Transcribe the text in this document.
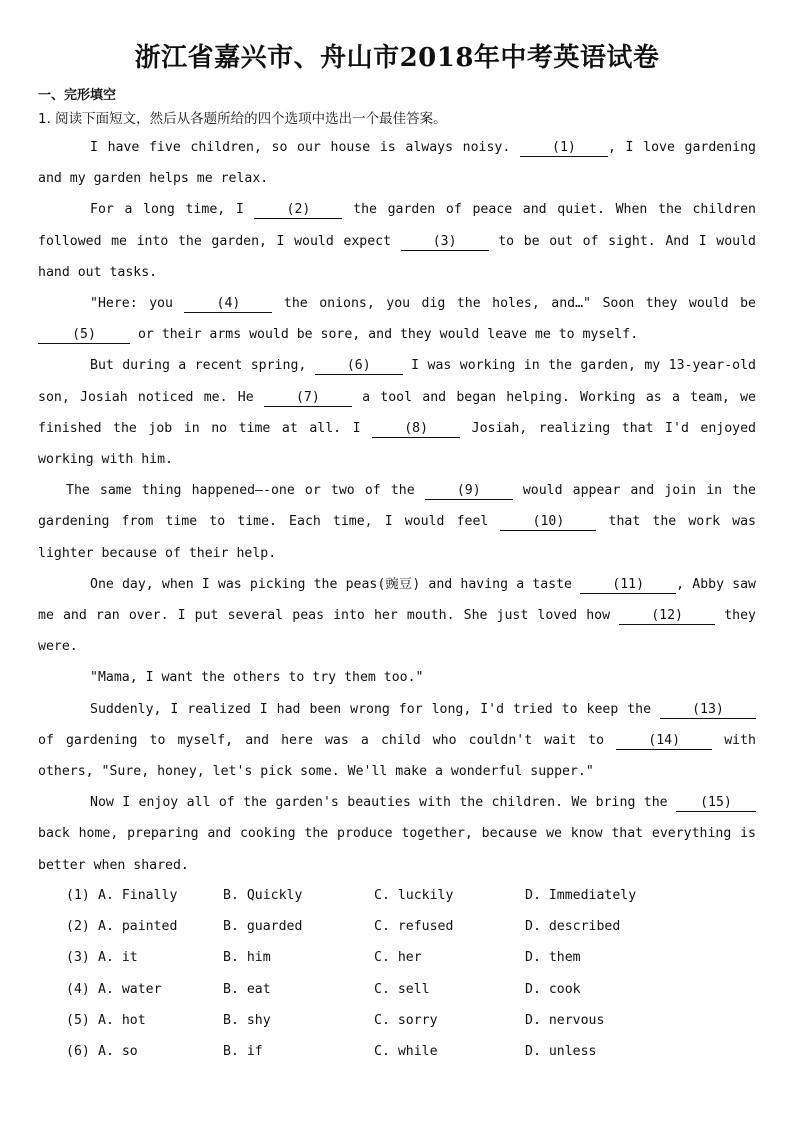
浙江省嘉兴市、舟山市2018年中考英语试卷
一、完形填空
1. 阅读下面短文，然后从各题所给的四个选项中选出一个最佳答案。

I have five children, so our house is always noisy. (1) , I love gardening and my garden helps me relax.

For a long time, I (2) the garden of peace and quiet. When the children followed me into the garden, I would expect (3) to be out of sight. And I would hand out tasks.

"Here: you (4) the onions, you dig the holes, and…" Soon they would be (5)	or their arms would be sore, and they would leave me to myself.

But during a recent spring, (6) I was working in the garden, my 13-year-old son, Josiah noticed me. He (7) a tool and began helping. Working as a team, we finished the job in no time at all. I (8) Josiah, realizing that I'd enjoyed working with him.

The same thing happened—-one or two of the (9) would appear and join in the gardening from time to time. Each time, I would feel (10) that the work was lighter because of their help.

One day, when I was picking the peas(豌豆) and having a taste (11) , Abby saw me and ran over. I put several peas into her mouth. She just loved how (12) they were.

"Mama, I want the others to try them too."

Suddenly, I realized I had been wrong for long, I'd tried to keep the (13) of gardening to myself, and here was a child who couldn't wait to (14) with others, "Sure, honey, let's pick some. We'll make a wonderful supper."

Now I enjoy all of the garden's beauties with the children. We bring the (15) back home, preparing and cooking the produce together, because we know that everything is better when shared.

(1) A. Finally	B. Quickly	C. luckily	D. Immediately
(2) A. painted	B. guarded	C. refused	D. described
(3) A. it	B. him	C. her	D. them
(4) A. water	B. eat	C. sell	D. cook
(5) A. hot	B. shy	C. sorry	D. nervous
(6) A. so	B. if	C. while	D. unless
